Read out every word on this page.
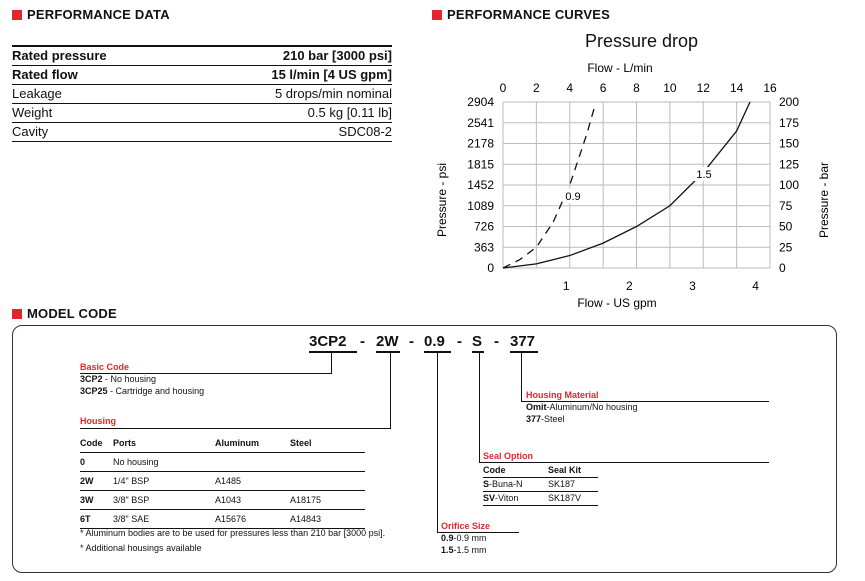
PERFORMANCE DATA	PERFORMANCE CURVES
MODEL CODE
Rated pressure	210 bar [3000 psi]
Rated flow	15 l/min [4 US gpm]
Leakage	5 drops/min nominal
Weight	0.5 kg [0.11 lb]
Cavity	SDC08-2
Pressure drop
0 2 4 6 8 10 12 14 16
1	2	3	4
0
363
726
1089
1452
1815
2178
2541
2904
0
25
50
75
100
125
150
175
200
Flow - L/min
Flow - US gpm
Pressure - psi	Pressure - bar
0.9
1.5
3CP2 2W 0.9 S 377
-	-	- -
Basic Code
3CP2 - No housing
3CP25 - Cartridge and housing
Housing
Code Ports	Aluminum	Steel
0	No housing
2W 1/4" BSP	A1485
3W 3/8" BSP	A1043	A18175
6T 3/8" SAE	A15676	A14843
* Aluminum bodies are to be used for pressures less than 210 bar [3000 psi].
* Additional housings available
Orifice Size
0.9-0.9 mm
1.5-1.5 mm
Seal Option
Code	Seal Kit
S-Buna-N	SK187
SV-Viton	SK187V
Housing Material
Omit-Aluminum/No housing
377-Steel
